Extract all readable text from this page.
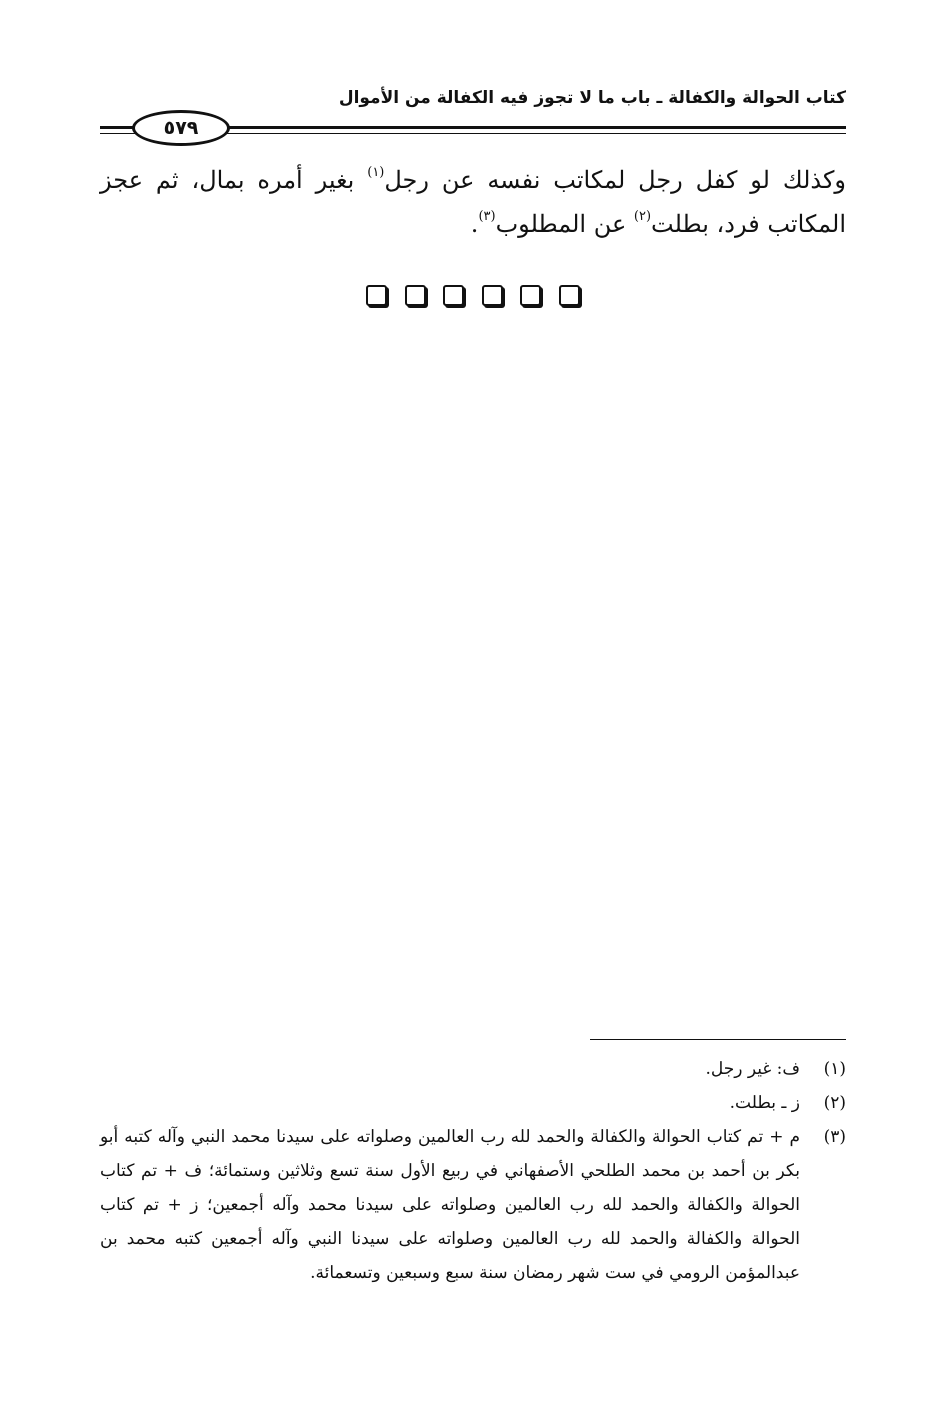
كتاب الحوالة والكفالة ـ باب ما لا تجوز فيه الكفالة من الأموال
٥٧٩
وكذلك لو كفل رجل لمكاتب نفسه عن رجل$^{(١)}$ بغير أمره بمال، ثم عجز المكاتب فرد، بطلت$^{(٢)}$ عن المطلوب$^{(٣)}$.
(١)
ف: غير رجل.
(٢)
ز ـ بطلت.
(٣)
م + تم كتاب الحوالة والكفالة والحمد لله رب العالمين وصلواته على سيدنا محمد النبي وآله كتبه أبو بكر بن أحمد بن محمد الطلحي الأصفهاني في ربيع الأول سنة تسع وثلاثين وستمائة؛ ف + تم كتاب الحوالة والكفالة والحمد لله رب العالمين وصلواته على سيدنا محمد وآله أجمعين؛ ز + تم كتاب الحوالة والكفالة والحمد لله رب العالمين وصلواته على سيدنا النبي وآله أجمعين كتبه محمد بن عبدالمؤمن الرومي في ست شهر رمضان سنة سبع وسبعين وتسعمائة.
